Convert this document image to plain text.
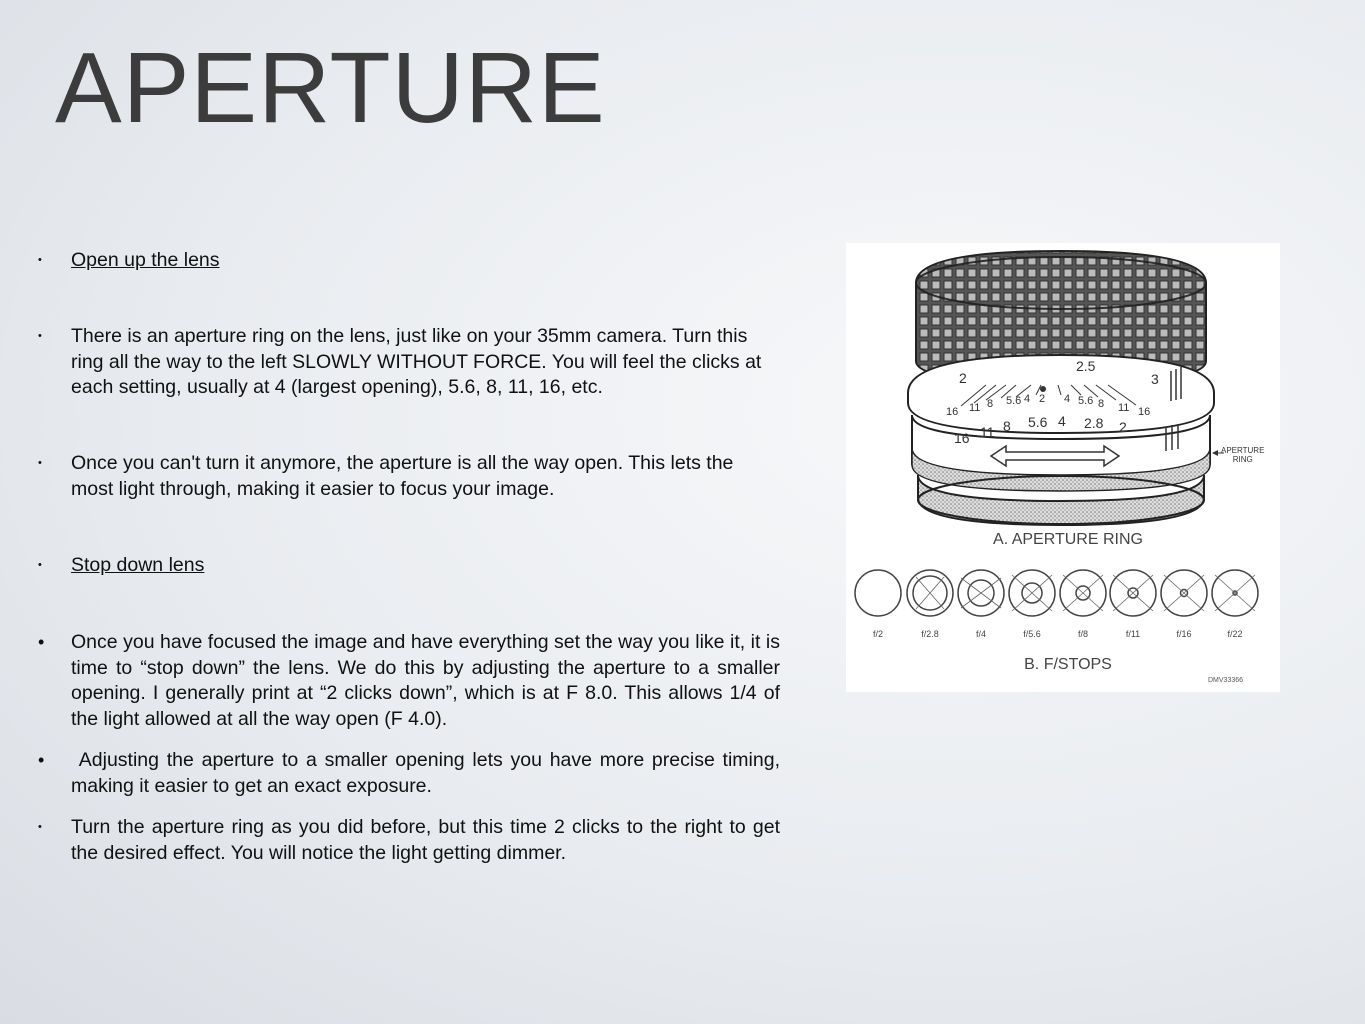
APERTURE
•	Open up the lens
•	There is an aperture ring on the lens, just like on your 35mm camera. Turn this ring all the way to the left SLOWLY WITHOUT FORCE. You will feel the clicks at each setting, usually at 4 (largest opening), 5.6, 8, 11, 16, etc.
•	Once you can't turn it anymore, the aperture is all the way open. This lets the most light through, making it easier to focus your image.
•	Stop down lens
•	Once you have focused the image and have everything set the way you like it, it is time to “stop down” the lens. We do this by adjusting the aperture to a smaller opening. I generally print at “2 clicks down”, which is at F 8.0. This allows 1/4 of the light allowed at all the way open (F 4.0).
•	Adjusting the aperture to a smaller opening lets you have more precise timing, making it easier to get an exact exposure.
•	Turn the aperture ring as you did before, but this time 2 clicks to the right to get the desired effect. You will notice the light getting dimmer.
2
2.5
3
16 11 8 5.6 4 2 4 5.6 8 11 16
16 11 8 5.6 4 2.8 2
A. APERTURE RING
APERTURE
RING
f/2	f/2.8	f/4	f/5.6	f/8	f/11	f/16	f/22
B. F/STOPS
DMV33366
